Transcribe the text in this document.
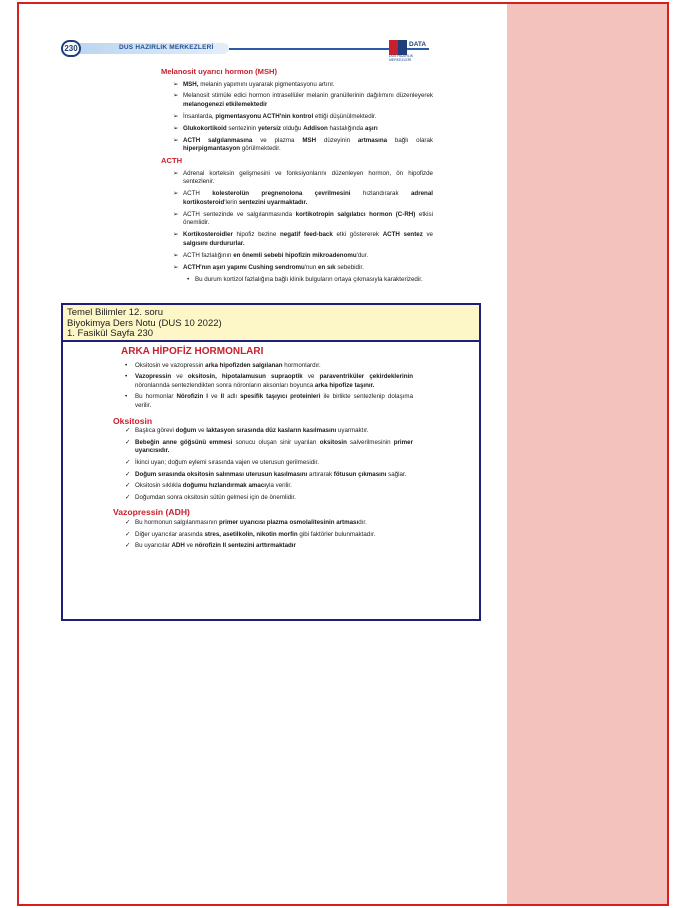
230	DUS HAZIRLIK MERKEZLERİ	DATA
DUS HAZIRLIK MERKEZLERİ
Melanosit uyarıcı hormon (MSH)
➢ MSH, melanin yapımını uyararak pigmentasyonu artırır.
➢ Melanosit stimüle edici hormon intrasellüler melanin granüllerinin dağılımını düzenleyerek melanogenezi etkilemektedir
➢ İnsanlarda, pigmentasyonu ACTH'nin kontrol ettiği düşünülmektedir.
➢ Glukokortikoid sentezinin yetersiz olduğu Addison hastalığında aşırı
➢ ACTH salgılanmasına ve plazma MSH düzeyinin artmasına bağlı olarak hiperpigmantasyon görülmektedir.
ACTH
➢ Adrenal korteksin gelişmesini ve fonksiyonlarını düzenleyen hormon, ön hipofizde sentezlenir.
➢ ACTH kolesterolün pregnenolona çevrilmesini hızlandırarak adrenal kortikosteroid'lerin sentezini uyarmaktadır.
➢ ACTH sentezinde ve salgılanmasında kortikotropin salgılatıcı hormon (C-RH) etkisi önemlidir.
➢ Kortikosteroidler hipofiz bezine negatif feed-back etki göstererek ACTH sentez ve salgısını durdururlar.
➢ ACTH fazlalığının en önemli sebebi hipofizin mikroadenomu'dur.
➢ ACTH'nın aşırı yapımı Cushing sendromu'nun en sık sebebidir.
• Bu durum kortizol fazlalığına bağlı klinik bulguların ortaya çıkmasıyla karakterizedir.
ARKA HİPOFİZ HORMONLARI
• Oksitosin ve vazopressin arka hipofizden salgılanan hormonlardır.
• Vazopressin ve oksitosin, hipotalamusun supraoptik ve paraventriküler çekirdeklerinin nöronlarında sentezlendikten sonra nöronların aksonları boyunca arka hipofize taşınır.
• Bu hormonlar Nörofizin I ve II adlı spesifik taşıyıcı proteinleri ile birlikte sentezlenip dolaşıma verilir.
Oksitosin
✓ Başlıca görevi doğum ve laktasyon sırasında düz kasların kasılmasını uyarmaktır.
✓ Bebeğin anne göğsünü emmesi sonucu oluşan sinir uyarıları oksitosin salverilmesinin primer uyarıcısıdır.
✓ İkinci uyarı; doğum eylemi sırasında vajen ve uterusun gerilmesidir.
✓ Doğum sırasında oksitosin salınması uterusun kasılmasını artırarak fötusun çıkmasını sağlar.
✓ Oksitosin sıklıkla doğumu hızlandırmak amacıyla verilir.
✓ Doğumdan sonra oksitosin sütün gelmesi için de önemlidir.
Vazopressin (ADH)
✓ Bu hormonun salgılanmasının primer uyarıcısı plazma osmolalitesinin artmasıdır.
✓ Diğer uyarıcılar arasında stres, asetilkolin, nikotin morfin gibi faktörler bulunmaktadır.
✓ Bu uyarıcılar ADH ve nörofizin II sentezini arttırmaktadır
Temel Bilimler 12. soru
Biyokimya Ders Notu (DUS 10 2022)
1. Fasikül Sayfa 230
